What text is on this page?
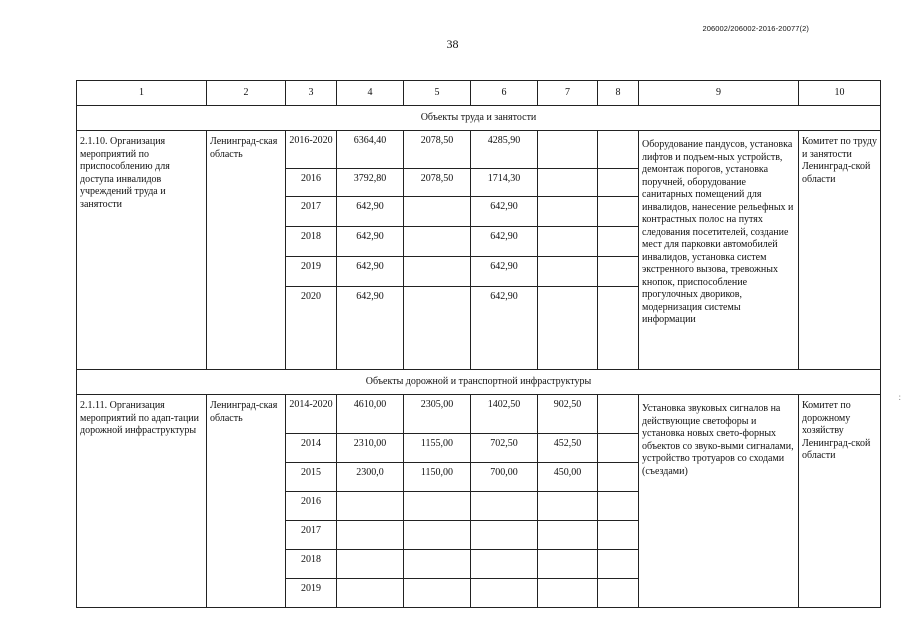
206002/206002-2016-20077(2)
38
:
1	2	3	4	5	6	7	8	9	10
Объекты труда и занятости									
2.1.10. Организация мероприятий по приспособлению для доступа инвалидов учреждений труда и занятости	Ленинград-ская область	2016-2020	6364,40	2078,50	4285,90			Оборудование пандусов, установка лифтов и подъем-ных устройств, демонтаж порогов, установка поручней, оборудование санитарных помещений для инвалидов, нанесение рельефных и контрастных полос на путях следования посетителей, создание мест для парковки автомобилей инвалидов, установка систем экстренного вызова, тревожных кнопок, приспособление прогулочных двориков, модернизация системы информации	Комитет по труду и занятости Ленинград-ской области
		2016	3792,80	2078,50	1714,30				
		2017	642,90		642,90				
		2018	642,90		642,90				
		2019	642,90		642,90				
		2020	642,90		642,90				
Объекты дорожной и транспортной инфраструктуры									
2.1.11. Организация мероприятий по адап-тации дорожной инфраструктуры	Ленинград-ская область	2014-2020	4610,00	2305,00	1402,50	902,50		Установка звуковых сигналов на действующие светофоры и установка новых свето-форных объектов со звуко-выми сигналами, устройство тротуаров со сходами (съездами)	Комитет по дорожному хозяйству Ленинград-ской области
		2014	2310,00	1155,00	702,50	452,50			
		2015	2300,0	1150,00	700,00	450,00			
		2016							
		2017							
		2018							
		2019							
